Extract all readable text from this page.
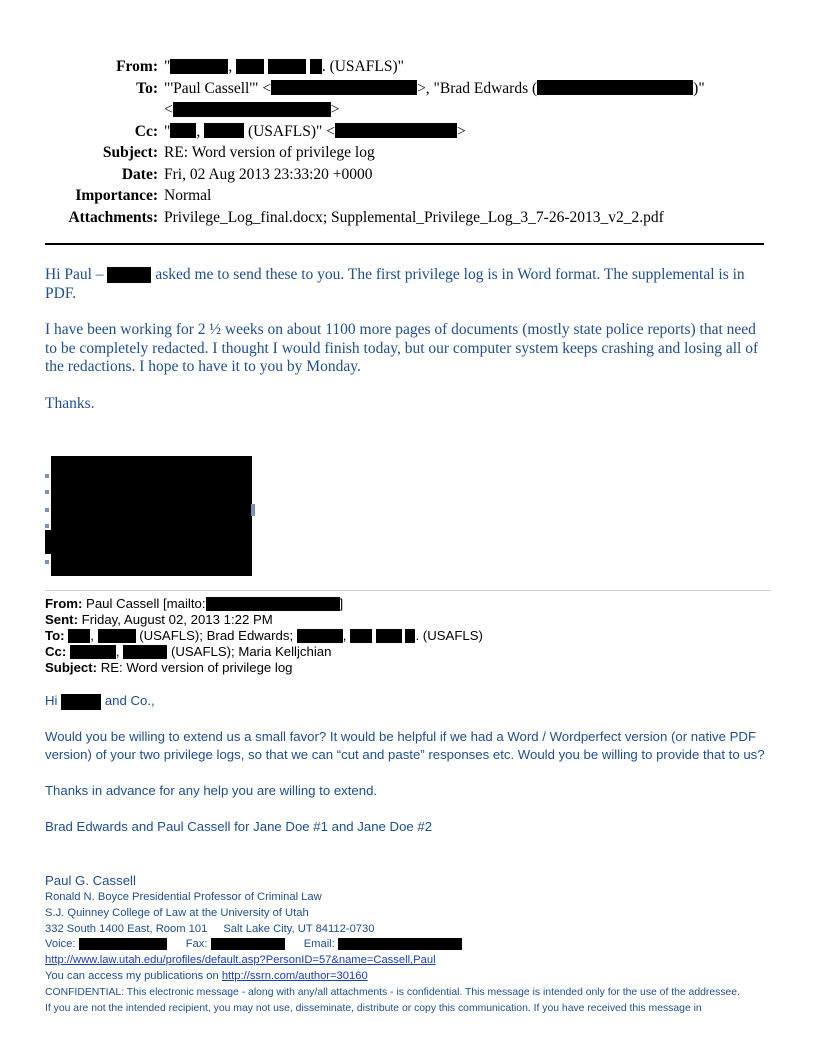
From: "	,	. (USAFLS)"
To: "'Paul Cassell'" <	>, "Brad Edwards (	)"
<	>
Cc: " ,	(USAFLS)" <	>
Subject: RE: Word version of privilege log
Date: Fri, 02 Aug 2013 23:33:20 +0000
Importance: Normal
Attachments: Privilege_Log_final.docx; Supplemental_Privilege_Log_3_7-26-2013_v2_2.pdf

Hi Paul –	asked me to send these to you. The first privilege log is in Word format. The supplemental is in PDF.

I have been working for 2 ½ weeks on about 1100 more pages of documents (mostly state police reports) that need to be completely redacted. I thought I would finish today, but our computer system keeps crashing and losing all of the redactions. I hope to have it to you by Monday.

Thanks.

From: Paul Cassell [mailto:	]
Sent: Friday, August 02, 2013 1:22 PM
To: ,	(USAFLS); Brad Edwards;	,	. (USAFLS)
Cc:	,	(USAFLS); Maria Kelljchian
Subject: RE: Word version of privilege log

Hi	and Co.,

Would you be willing to extend us a small favor? It would be helpful if we had a Word / Wordperfect version (or native PDF version) of your two privilege logs, so that we can “cut and paste” responses etc. Would you be willing to provide that to us?

Thanks in advance for any help you are willing to extend.

Brad Edwards and Paul Cassell for Jane Doe #1 and Jane Doe #2

Paul G. Cassell
Ronald N. Boyce Presidential Professor of Criminal Law
S.J. Quinney College of Law at the University of Utah
332 South 1400 East, Room 101 Salt Lake City, UT 84112-0730
Voice:	Fax:	Email:
http://www.law.utah.edu/profiles/default.asp?PersonID=57&name=Cassell,Paul
You can access my publications on http://ssrn.com/author=30160
CONFIDENTIAL: This electronic message - along with any/all attachments - is confidential. This message is intended only for the use of the addressee.
If you are not the intended recipient, you may not use, disseminate, distribute or copy this communication. If you have received this message in
